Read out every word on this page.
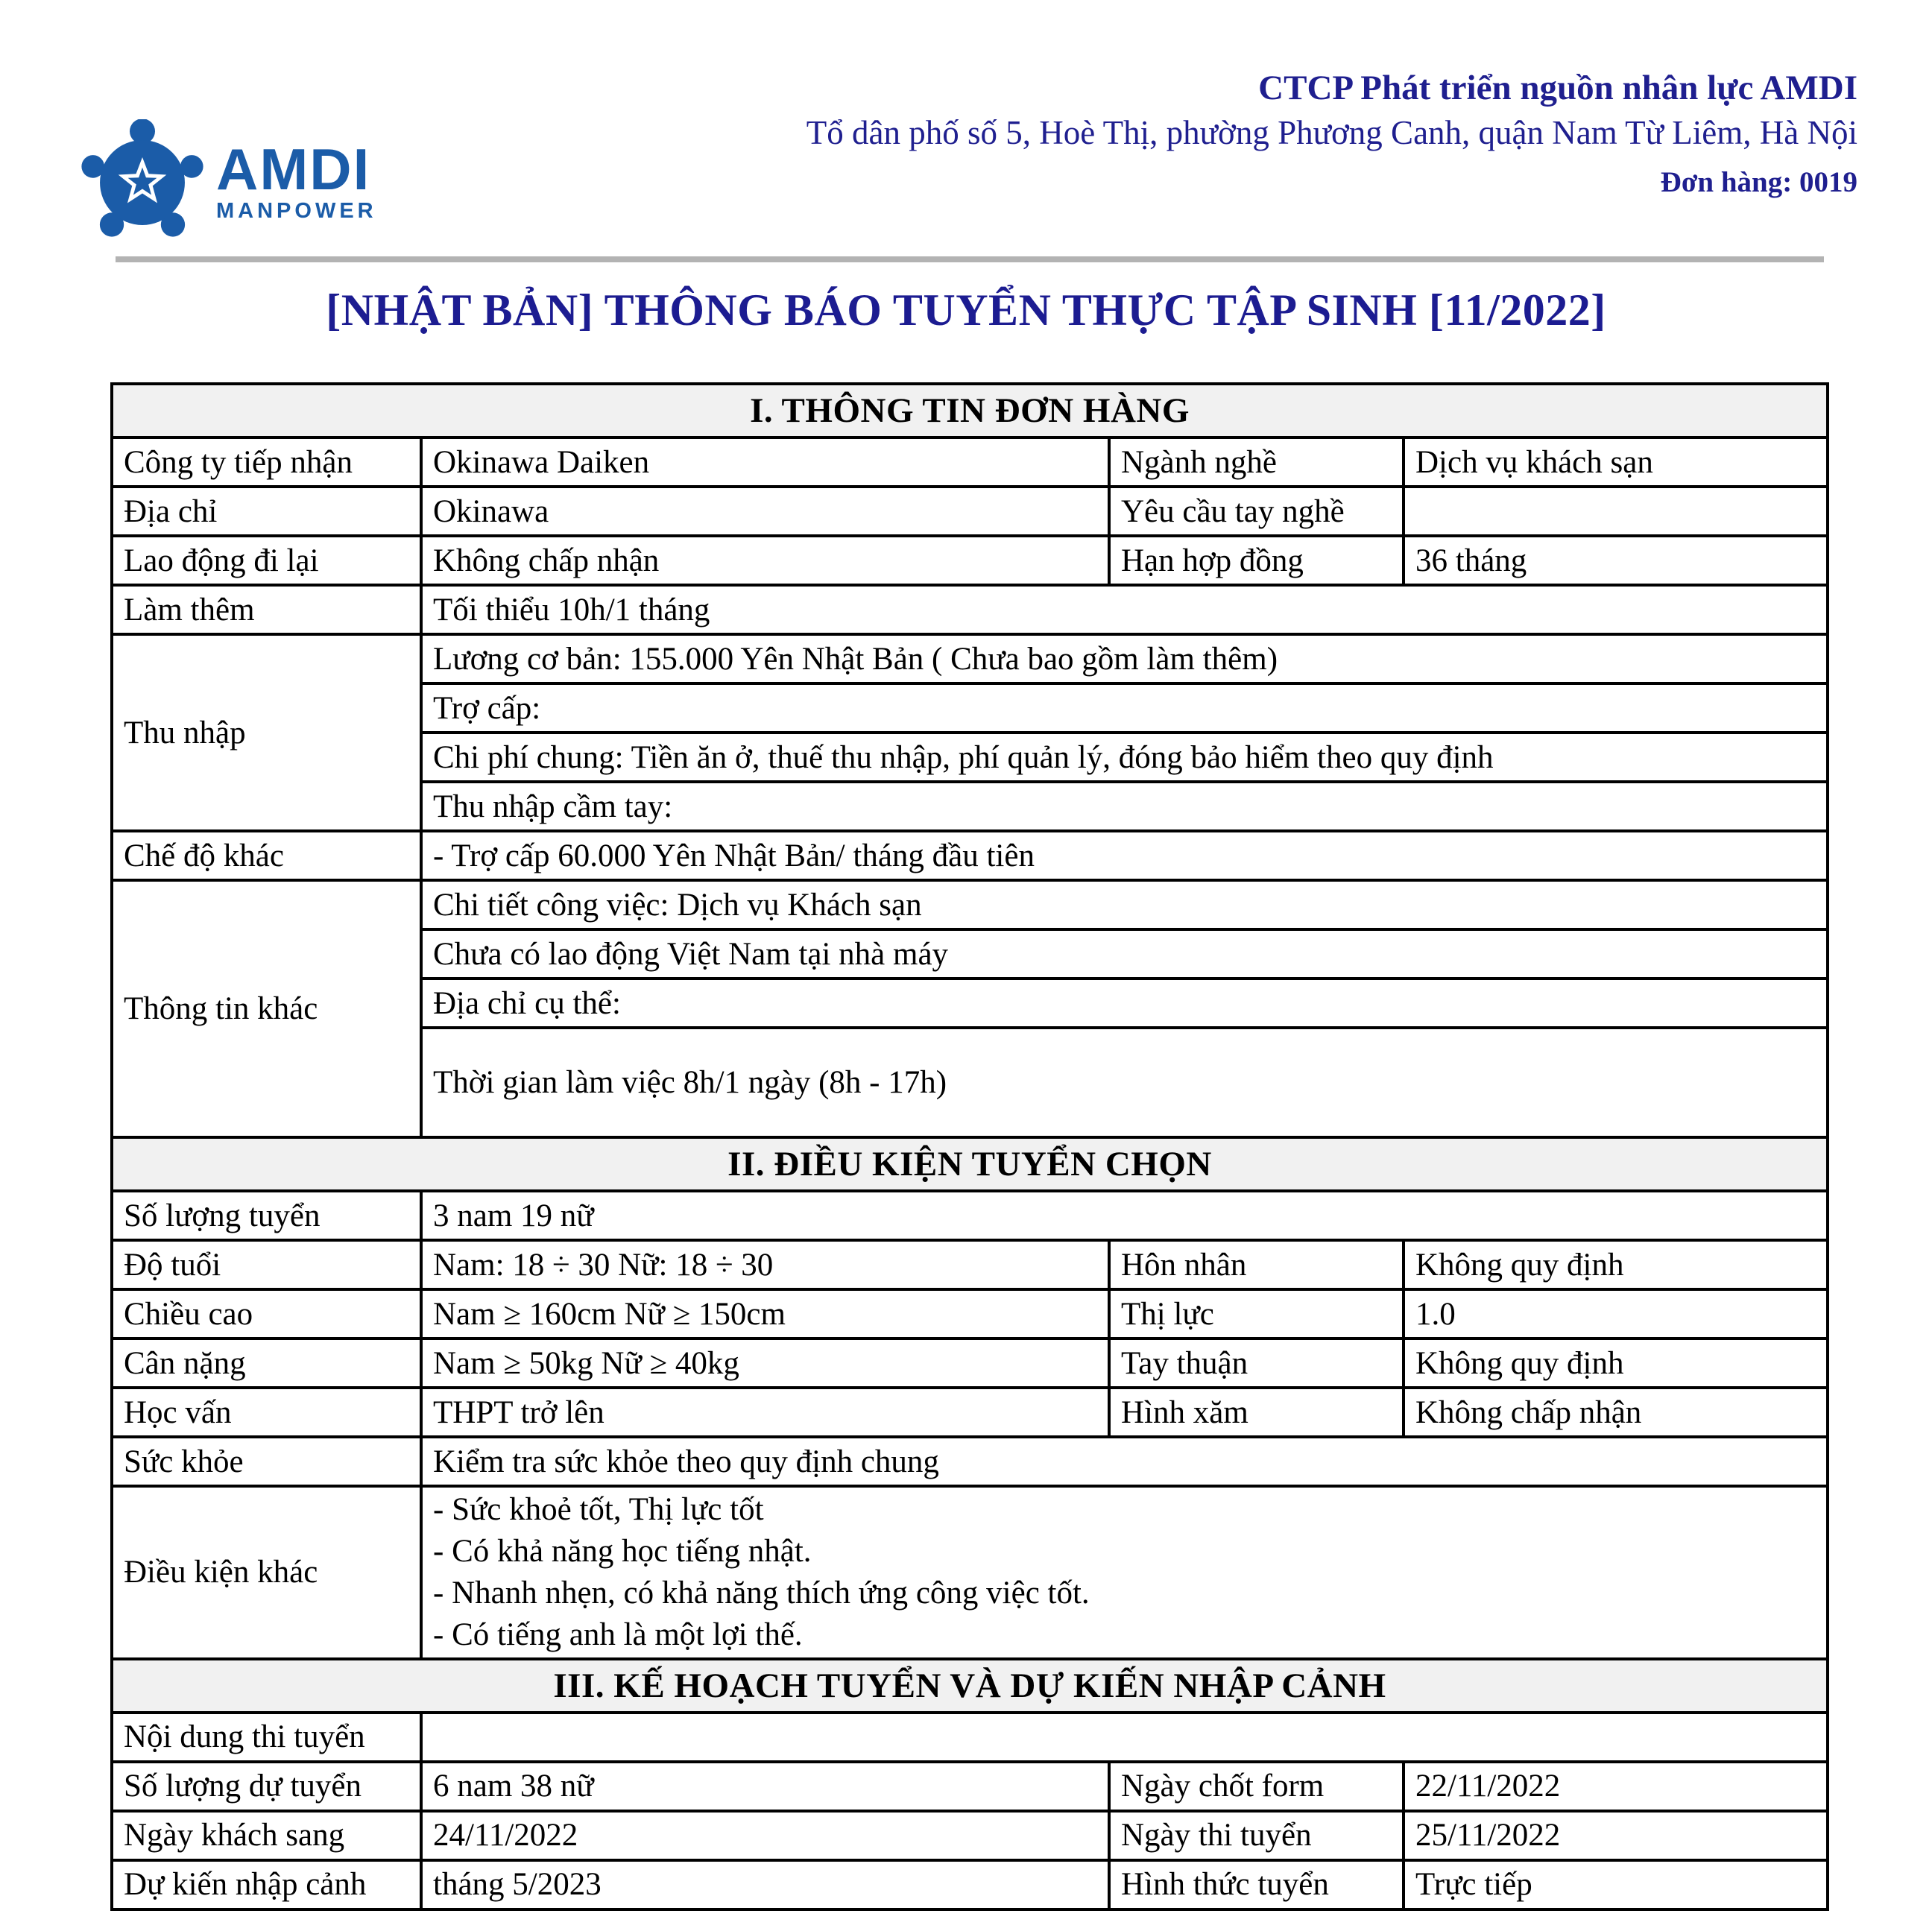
AMDI
MANPOWER
CTCP Phát triển nguồn nhân lực AMDI
Tổ dân phố số 5, Hoè Thị, phường Phương Canh, quận Nam Từ Liêm, Hà Nội
Đơn hàng: 0019
[NHẬT BẢN] THÔNG BÁO TUYỂN THỰC TẬP SINH [11/2022]
I. THÔNG TIN ĐƠN HÀNG			
Công ty tiếp nhận	Okinawa Daiken	Ngành nghề	Dịch vụ khách sạn
Địa chỉ	Okinawa	Yêu cầu tay nghề	
Lao động đi lại	Không chấp nhận	Hạn hợp đồng	36 tháng
Làm thêm	Tối thiểu 10h/1 tháng		
Thu nhập	Lương cơ bản: 155.000 Yên Nhật Bản ( Chưa bao gồm làm thêm)		
	Trợ cấp:		
	Chi phí chung: Tiền ăn ở, thuế thu nhập, phí quản lý, đóng bảo hiểm theo quy định		
	Thu nhập cầm tay:		
Chế độ khác	- Trợ cấp 60.000 Yên Nhật Bản/ tháng đầu tiên		
Thông tin khác	Chi tiết công việc: Dịch vụ Khách sạn		
	Chưa có lao động Việt Nam tại nhà máy		
	Địa chỉ cụ thể:		
	Thời gian làm việc 8h/1 ngày (8h - 17h)		
II. ĐIỀU KIỆN TUYỂN CHỌN			
Số lượng tuyển	3 nam 19 nữ		
Độ tuổi	Nam: 18 ÷ 30 Nữ: 18 ÷ 30	Hôn nhân	Không quy định
Chiều cao	Nam ≥ 160cm Nữ ≥ 150cm	Thị lực	1.0
Cân nặng	Nam ≥ 50kg Nữ ≥ 40kg	Tay thuận	Không quy định
Học vấn	THPT trở lên	Hình xăm	Không chấp nhận
Sức khỏe	Kiểm tra sức khỏe theo quy định chung		
Điều kiện khác	- Sức khoẻ tốt, Thị lực tốt
- Có khả năng học tiếng nhật.
- Nhanh nhẹn, có khả năng thích ứng công việc tốt.
- Có tiếng anh là một lợi thế.		

III. KẾ HOẠCH TUYỂN VÀ DỰ KIẾN NHẬP CẢNH			
Nội dung thi tuyển			
Số lượng dự tuyển	6 nam 38 nữ	Ngày chốt form	22/11/2022
Ngày khách sang	24/11/2022	Ngày thi tuyển	25/11/2022
Dự kiến nhập cảnh	tháng 5/2023	Hình thức tuyển	Trực tiếp
